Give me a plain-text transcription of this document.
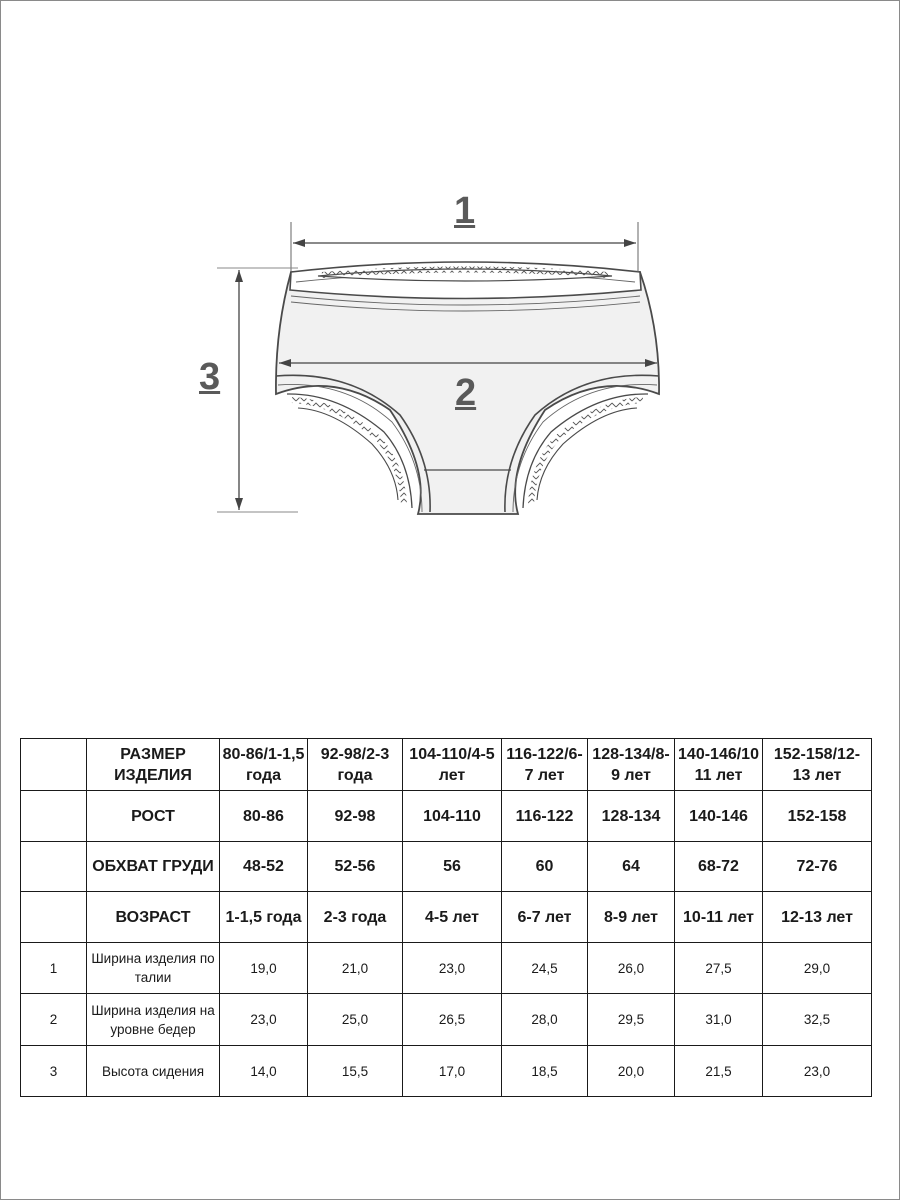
1
2
3
	РАЗМЕР ИЗДЕЛИЯ	80-86/1-1,5 года	92-98/2-3 года	104-110/4-5 лет	116-122/6-7 лет	128-134/8-9 лет	140-146/10 11 лет	152-158/12-13 лет
	РОСТ	80-86	92-98	104-110	116-122	128-134	140-146	152-158
	ОБХВАТ ГРУДИ	48-52	52-56	56	60	64	68-72	72-76
	ВОЗРАСТ	1-1,5 года	2-3 года	4-5 лет	6-7 лет	8-9 лет	10-11 лет	12-13 лет
1	Ширина изделия по талии	19,0	21,0	23,0	24,5	26,0	27,5	29,0
2	Ширина изделия на уровне бедер	23,0	25,0	26,5	28,0	29,5	31,0	32,5
3	Высота сидения	14,0	15,5	17,0	18,5	20,0	21,5	23,0
